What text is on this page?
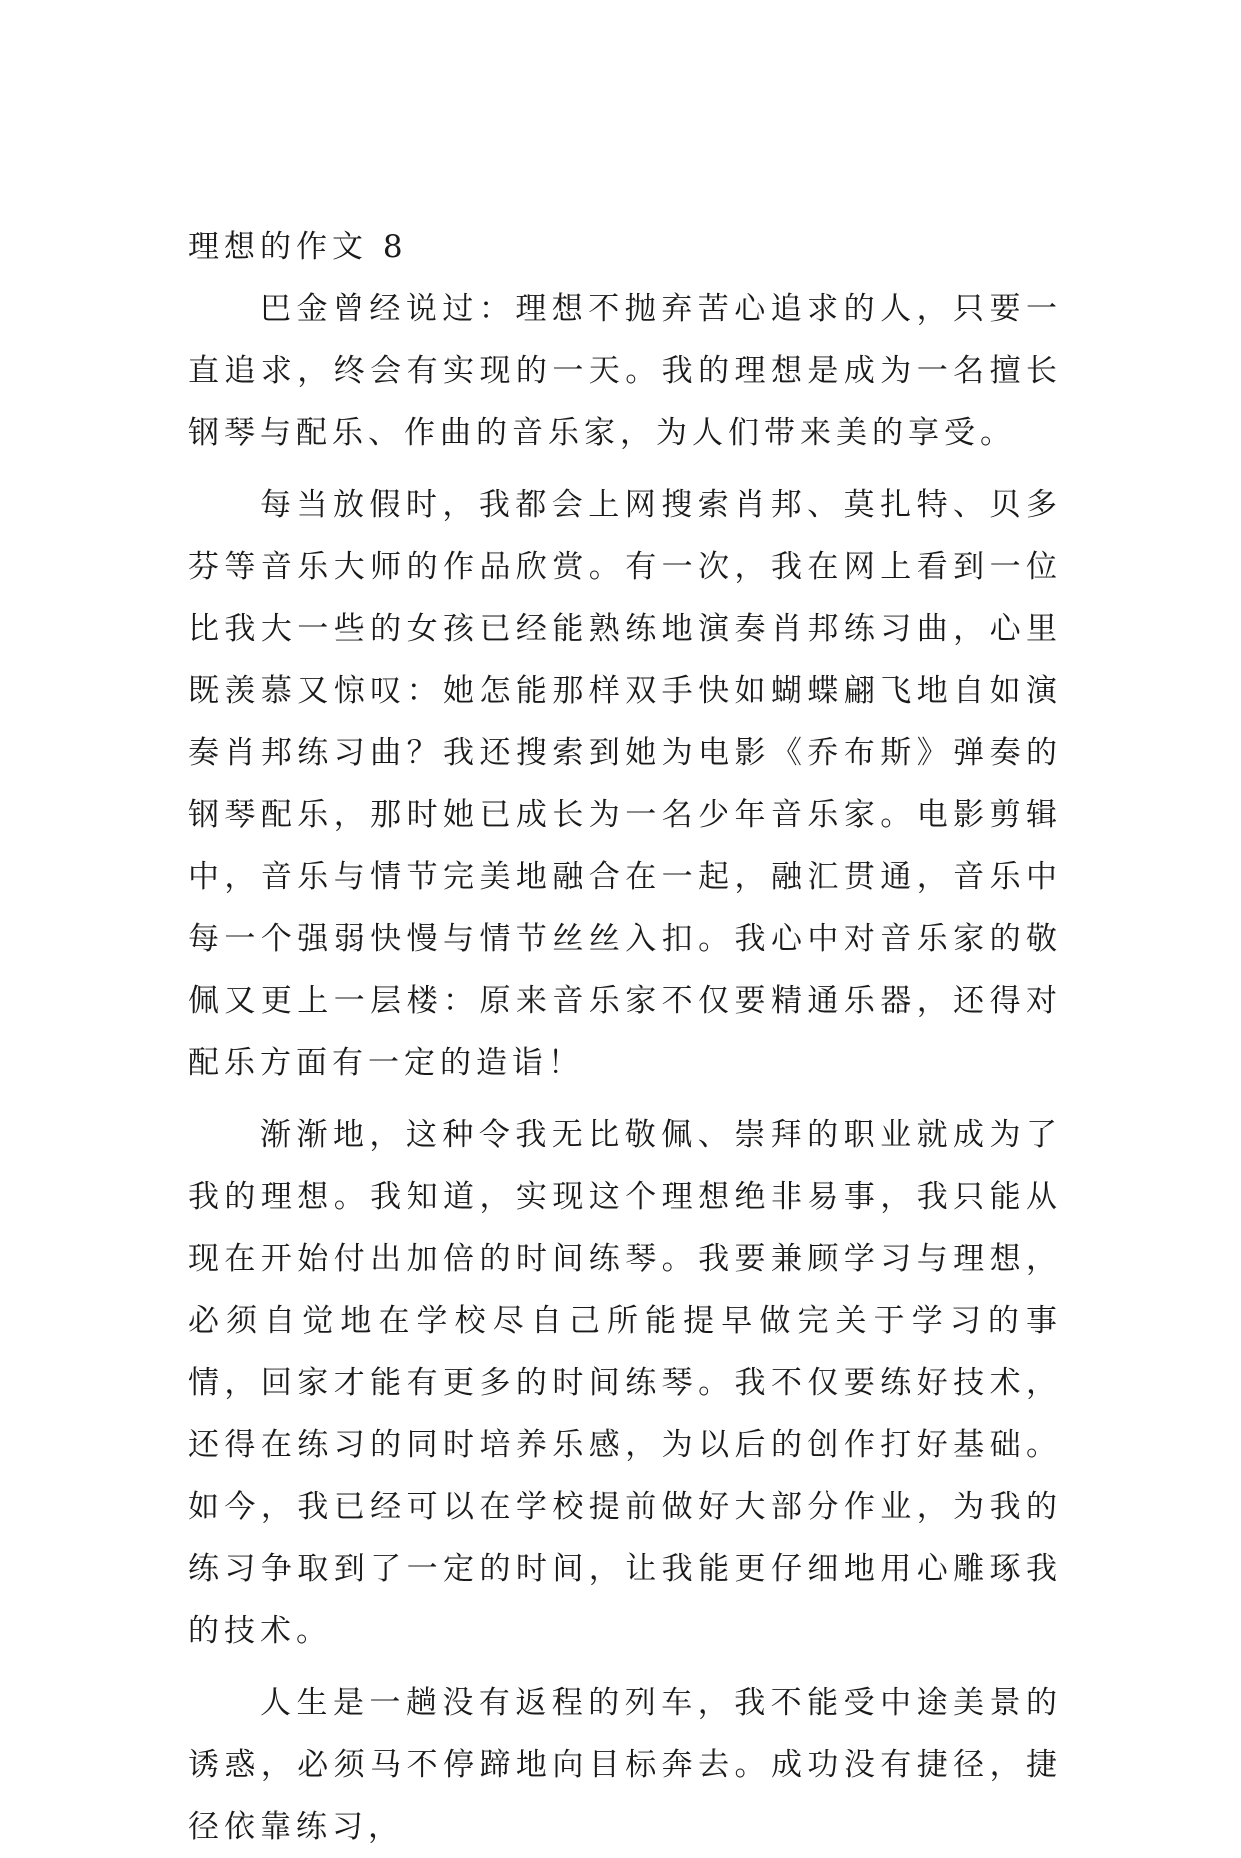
理想的作文 8

巴金曾经说过：理想不抛弃苦心追求的人，只要一直追求，终会有实现的一天。我的理想是成为一名擅长钢琴与配乐、作曲的音乐家，为人们带来美的享受。

每当放假时，我都会上网搜索肖邦、莫扎特、贝多芬等音乐大师的作品欣赏。有一次，我在网上看到一位比我大一些的女孩已经能熟练地演奏肖邦练习曲，心里既羡慕又惊叹：她怎能那样双手快如蝴蝶翩飞地自如演奏肖邦练习曲？我还搜索到她为电影《乔布斯》弹奏的钢琴配乐，那时她已成长为一名少年音乐家。电影剪辑中，音乐与情节完美地融合在一起，融汇贯通，音乐中每一个强弱快慢与情节丝丝入扣。我心中对音乐家的敬佩又更上一层楼：原来音乐家不仅要精通乐器，还得对配乐方面有一定的造诣！

渐渐地，这种令我无比敬佩、崇拜的职业就成为了我的理想。我知道，实现这个理想绝非易事，我只能从现在开始付出加倍的时间练琴。我要兼顾学习与理想，必须自觉地在学校尽自己所能提早做完关于学习的事情，回家才能有更多的时间练琴。我不仅要练好技术，还得在练习的同时培养乐感，为以后的创作打好基础。如今，我已经可以在学校提前做好大部分作业，为我的练习争取到了一定的时间，让我能更仔细地用心雕琢我的技术。

人生是一趟没有返程的列车，我不能受中途美景的诱惑，必须马不停蹄地向目标奔去。成功没有捷径，捷径依靠练习，
